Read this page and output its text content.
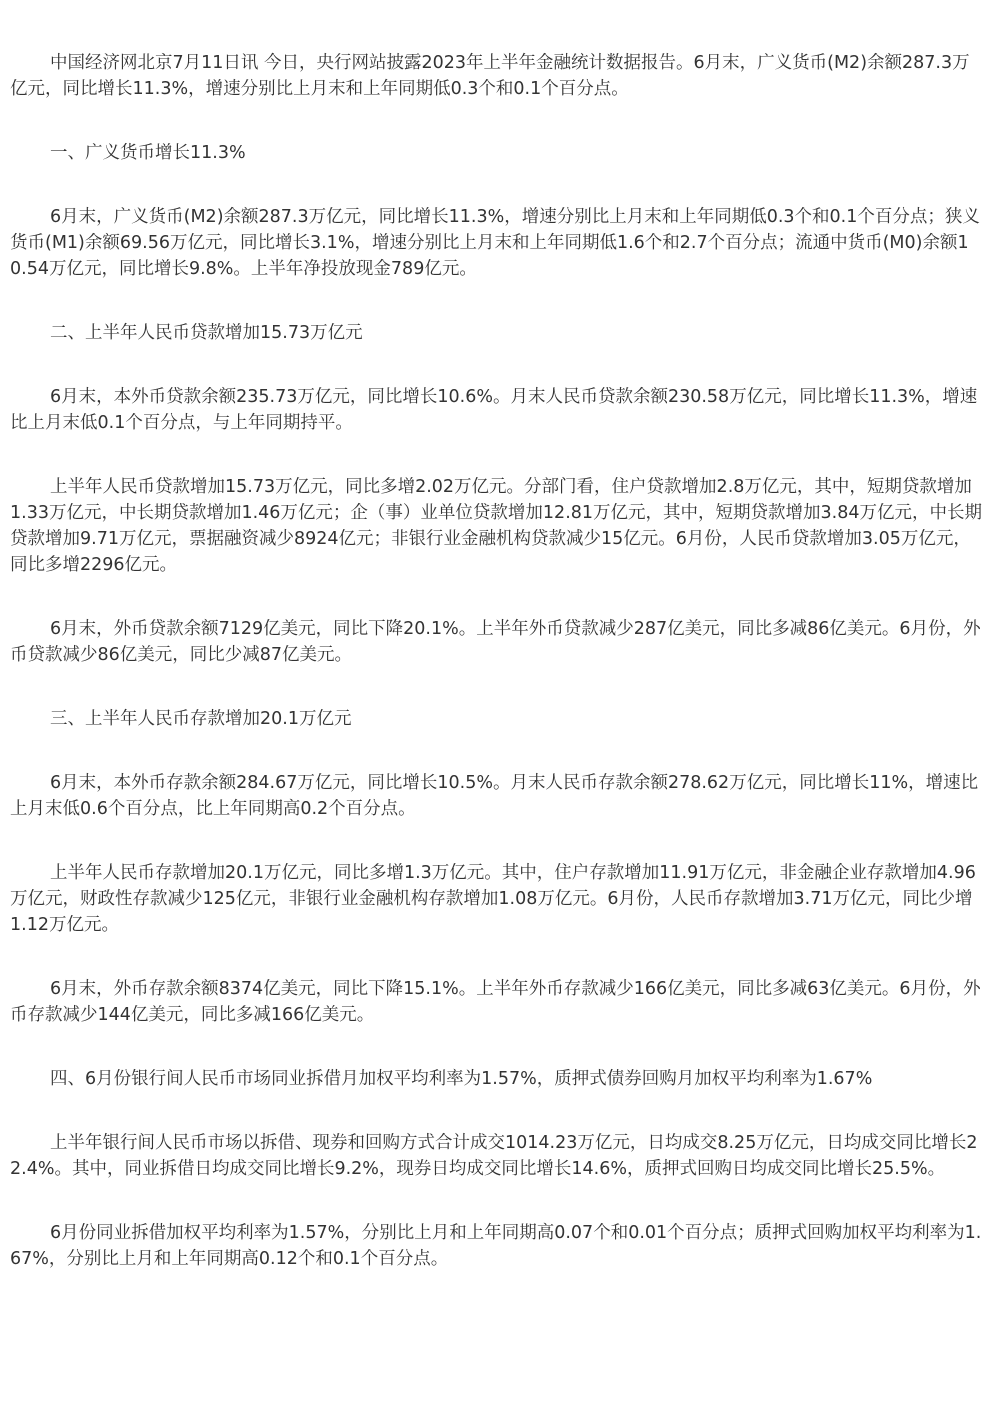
中国经济网北京7月11日讯 今日，央行网站披露2023年上半年金融统计数据报告。6月末，广义货币(M2)余额287.3万亿元，同比增长11.3%，增速分别比上月末和上年同期低0.3个和0.1个百分点。

一、广义货币增长11.3%

6月末，广义货币(M2)余额287.3万亿元，同比增长11.3%，增速分别比上月末和上年同期低0.3个和0.1个百分点；狭义货币(M1)余额69.56万亿元，同比增长3.1%，增速分别比上月末和上年同期低1.6个和2.7个百分点；流通中货币(M0)余额10.54万亿元，同比增长9.8%。上半年净投放现金789亿元。

二、上半年人民币贷款增加15.73万亿元

6月末，本外币贷款余额235.73万亿元，同比增长10.6%。月末人民币贷款余额230.58万亿元，同比增长11.3%，增速比上月末低0.1个百分点，与上年同期持平。

上半年人民币贷款增加15.73万亿元，同比多增2.02万亿元。分部门看，住户贷款增加2.8万亿元，其中，短期贷款增加1.33万亿元，中长期贷款增加1.46万亿元；企（事）业单位贷款增加12.81万亿元，其中，短期贷款增加3.84万亿元，中长期贷款增加9.71万亿元，票据融资减少8924亿元；非银行业金融机构贷款减少15亿元。6月份，人民币贷款增加3.05万亿元，同比多增2296亿元。

6月末，外币贷款余额7129亿美元，同比下降20.1%。上半年外币贷款减少287亿美元，同比多减86亿美元。6月份，外币贷款减少86亿美元，同比少减87亿美元。

三、上半年人民币存款增加20.1万亿元

6月末，本外币存款余额284.67万亿元，同比增长10.5%。月末人民币存款余额278.62万亿元，同比增长11%，增速比上月末低0.6个百分点，比上年同期高0.2个百分点。

上半年人民币存款增加20.1万亿元，同比多增1.3万亿元。其中，住户存款增加11.91万亿元，非金融企业存款增加4.96万亿元，财政性存款减少125亿元，非银行业金融机构存款增加1.08万亿元。6月份，人民币存款增加3.71万亿元，同比少增1.12万亿元。

6月末，外币存款余额8374亿美元，同比下降15.1%。上半年外币存款减少166亿美元，同比多减63亿美元。6月份，外币存款减少144亿美元，同比多减166亿美元。

四、6月份银行间人民币市场同业拆借月加权平均利率为1.57%，质押式债券回购月加权平均利率为1.67%

上半年银行间人民币市场以拆借、现券和回购方式合计成交1014.23万亿元，日均成交8.25万亿元，日均成交同比增长22.4%。其中，同业拆借日均成交同比增长9.2%，现券日均成交同比增长14.6%，质押式回购日均成交同比增长25.5%。

6月份同业拆借加权平均利率为1.57%，分别比上月和上年同期高0.07个和0.01个百分点；质押式回购加权平均利率为1.67%，分别比上月和上年同期高0.12个和0.1个百分点。
